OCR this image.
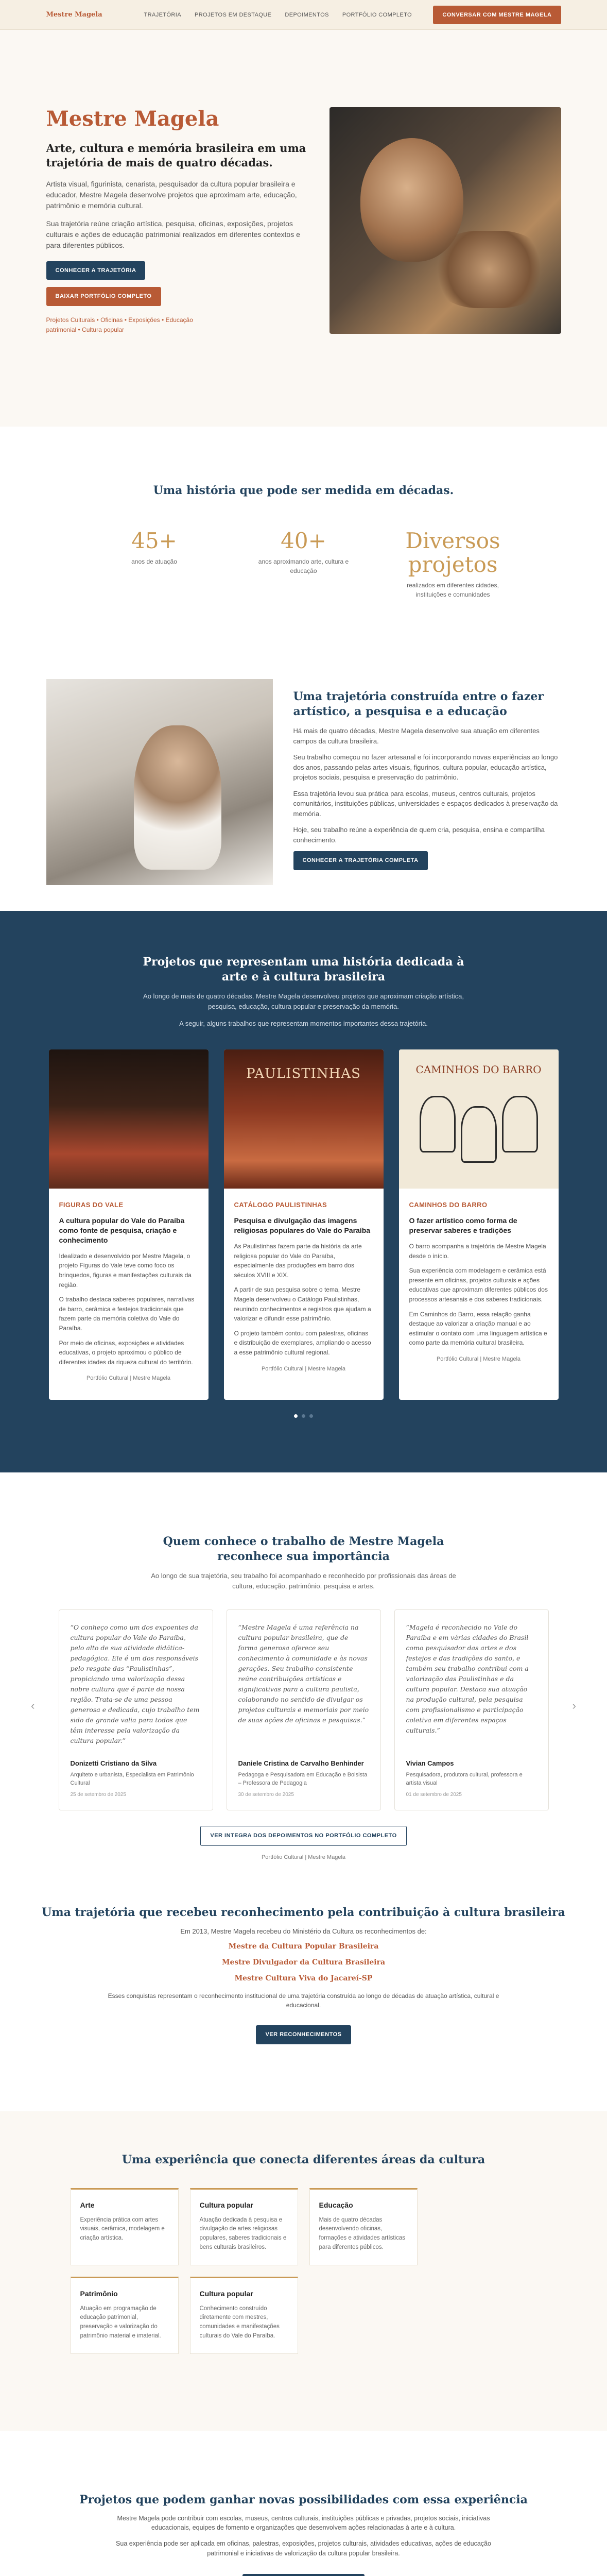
Mestre Magela	TRAJETÓRIA PROJETOS EM DESTAQUE DEPOIMENTOS PORTFÓLIO COMPLETO	CONVERSAR COM MESTRE MAGELA
Mestre Magela
Arte, cultura e memória brasileira em uma trajetória de mais de quatro décadas.

Artista visual, figurinista, cenarista, pesquisador da cultura popular brasileira e educador, Mestre Magela desenvolve projetos que aproximam arte, educação, patrimônio e memória cultural.

Sua trajetória reúne criação artística, pesquisa, oficinas, exposições, projetos culturais e ações de educação patrimonial realizados em diferentes contextos e para diferentes públicos.

CONHECER A TRAJETÓRIA
BAIXAR PORTFÓLIO COMPLETO
Projetos Culturais • Oficinas • Exposições • Educação patrimonial • Cultura popular
Uma história que pode ser medida em décadas.
45+
anos de atuação
40+
anos aproximando arte, cultura e educação
Diversos projetos
realizados em diferentes cidades, instituições e comunidades
Uma trajetória construída entre o fazer artístico, a pesquisa e a educação

Há mais de quatro décadas, Mestre Magela desenvolve sua atuação em diferentes campos da cultura brasileira.

Seu trabalho começou no fazer artesanal e foi incorporando novas experiências ao longo dos anos, passando pelas artes visuais, figurinos, cultura popular, educação artística, projetos sociais, pesquisa e preservação do patrimônio.

Essa trajetória levou sua prática para escolas, museus, centros culturais, projetos comunitários, instituições públicas, universidades e espaços dedicados à preservação da memória.

Hoje, seu trabalho reúne a experiência de quem cria, pesquisa, ensina e compartilha conhecimento.

CONHECER A TRAJETÓRIA COMPLETA
Projetos que representam uma história dedicada à arte e à cultura brasileira

Ao longo de mais de quatro décadas, Mestre Magela desenvolveu projetos que aproximam criação artística, pesquisa, educação, cultura popular e preservação da memória.

A seguir, alguns trabalhos que representam momentos importantes dessa trajetória.

FIGURAS DO VALE
A cultura popular do Vale do Paraíba como fonte de pesquisa, criação e conhecimento

Idealizado e desenvolvido por Mestre Magela, o projeto Figuras do Vale teve como foco os brinquedos, figuras e manifestações culturais da região.

O trabalho destaca saberes populares, narrativas de barro, cerâmica e festejos tradicionais que fazem parte da memória coletiva do Vale do Paraíba.

Por meio de oficinas, exposições e atividades educativas, o projeto aproximou o público de diferentes idades da riqueza cultural do território.

Portfólio Cultural | Mestre Magela
PAULISTINHAS
CATÁLOGO PAULISTINHAS
Pesquisa e divulgação das imagens religiosas populares do Vale do Paraíba

As Paulistinhas fazem parte da história da arte religiosa popular do Vale do Paraíba, especialmente das produções em barro dos séculos XVIII e XIX.

A partir de sua pesquisa sobre o tema, Mestre Magela desenvolveu o Catálogo Paulistinhas, reunindo conhecimentos e registros que ajudam a valorizar e difundir esse patrimônio.

O projeto também contou com palestras, oficinas e distribuição de exemplares, ampliando o acesso a esse patrimônio cultural regional.

Portfólio Cultural | Mestre Magela
CAMINHOS DO BARRO
CAMINHOS DO BARRO
O fazer artístico como forma de preservar saberes e tradições

O barro acompanha a trajetória de Mestre Magela desde o início.

Sua experiência com modelagem e cerâmica está presente em oficinas, projetos culturais e ações educativas que aproximam diferentes públicos dos processos artesanais e dos saberes tradicionais.

Em Caminhos do Barro, essa relação ganha destaque ao valorizar a criação manual e ao estimular o contato com uma linguagem artística e como parte da memória cultural brasileira.

Portfólio Cultural | Mestre Magela
Quem conhece o trabalho de Mestre Magela reconhece sua importância

Ao longo de sua trajetória, seu trabalho foi acompanhado e reconhecido por profissionais das áreas de cultura, educação, patrimônio, pesquisa e artes.

‹
“O conheço como um dos expoentes da cultura popular do Vale do Paraíba, pelo alto de sua atividade didática-pedagógica. Ele é um dos responsáveis pelo resgate das “Paulistinhas”, propiciando uma valorização dessa nobre cultura que é parte da nossa região. Trata-se de uma pessoa generosa e dedicada, cujo trabalho tem sido de grande valia para todos que têm interesse pela valorização da cultura popular.”
Donizetti Cristiano da Silva
Arquiteto e urbanista, Especialista em Patrimônio Cultural
25 de setembro de 2025
“Mestre Magela é uma referência na cultura popular brasileira, que de forma generosa oferece seu conhecimento à comunidade e às novas gerações. Seu trabalho consistente reúne contribuições artísticas e significativas para a cultura paulista, colaborando no sentido de divulgar os projetos culturais e memoriais por meio de suas ações de oficinas e pesquisas.”
Daniele Cristina de Carvalho Benhinder
Pedagoga e Pesquisadora em Educação e Bolsista – Professora de Pedagogia
30 de setembro de 2025
“Magela é reconhecido no Vale do Paraíba e em várias cidades do Brasil como pesquisador das artes e dos festejos e das tradições do santo, e também seu trabalho contribui com a valorização das Paulistinhas e da cultura popular. Destaca sua atuação na produção cultural, pela pesquisa com profissionalismo e participação coletiva em diferentes espaços culturais.”
Vivian Campos
Pesquisadora, produtora cultural, professora e artista visual
01 de setembro de 2025
›
VER INTEGRA DOS DEPOIMENTOS NO PORTFÓLIO COMPLETO
Portfólio Cultural | Mestre Magela
Uma trajetória que recebeu reconhecimento pela contribuição à cultura brasileira

Em 2013, Mestre Magela recebeu do Ministério da Cultura os reconhecimentos de:

Mestre da Cultura Popular Brasileira
Mestre Divulgador da Cultura Brasileira
Mestre Cultura Viva do Jacareí-SP

Esses conquistas representam o reconhecimento institucional de uma trajetória construída ao longo de décadas de atuação artística, cultural e educacional.

VER RECONHECIMENTOS
Uma experiência que conecta diferentes áreas da cultura
Arte

Experiência prática com artes visuais, cerâmica, modelagem e criação artística.

Cultura popular

Atuação dedicada à pesquisa e divulgação de artes religiosas populares, saberes tradicionais e bens culturais brasileiros.

Educação

Mais de quatro décadas desenvolvendo oficinas, formações e atividades artísticas para diferentes públicos.

Patrimônio

Atuação em programação de educação patrimonial, preservação e valorização do patrimônio material e imaterial.

Cultura popular

Conhecimento construído diretamente com mestres, comunidades e manifestações culturais do Vale do Paraíba.

Projetos que podem ganhar novas possibilidades com essa experiência

Mestre Magela pode contribuir com escolas, museus, centros culturais, instituições públicas e privadas, projetos sociais, iniciativas educacionais, equipes de fomento e organizações que desenvolvem ações relacionadas à arte e à cultura.

Sua experiência pode ser aplicada em oficinas, palestras, exposições, projetos culturais, atividades educativas, ações de educação patrimonial e iniciativas de valorização da cultura popular brasileira.
